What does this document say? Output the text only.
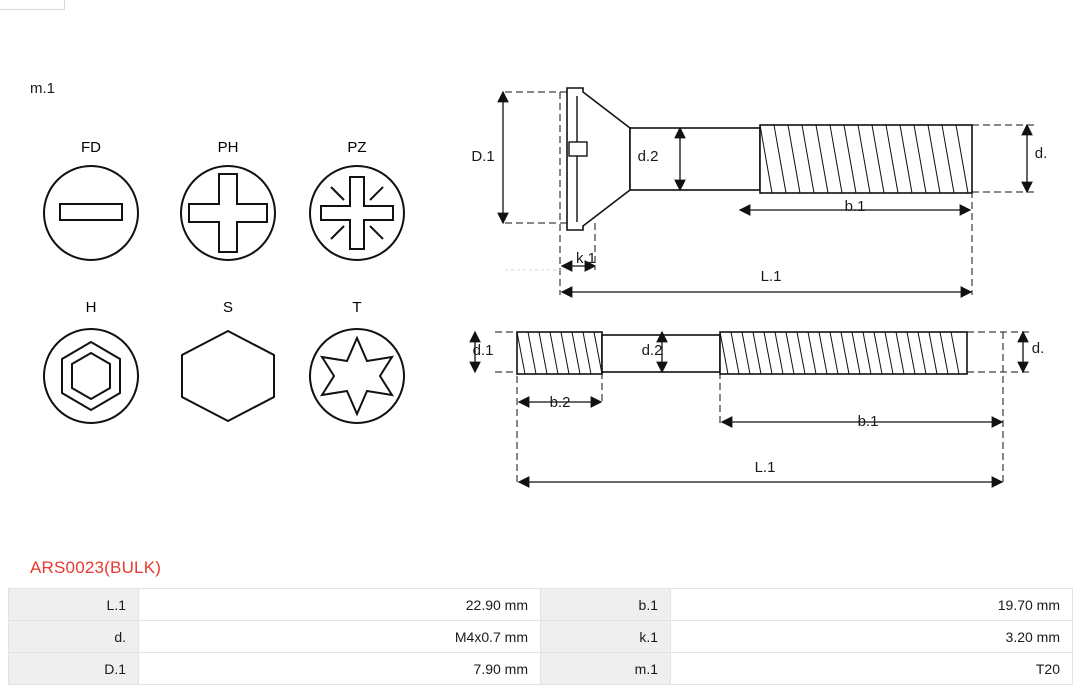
m.1
FD	PH	PZ
H	S	T
D.1	d.2	d.
b.1
k.1
L.1
d.1	d.2	d.
b.2
b.1
L.1
ARS0023(BULK)
L.1	22.90 mm	b.1	19.70 mm
d.	M4x0.7 mm	k.1	3.20 mm
D.1	7.90 mm	m.1	T20
